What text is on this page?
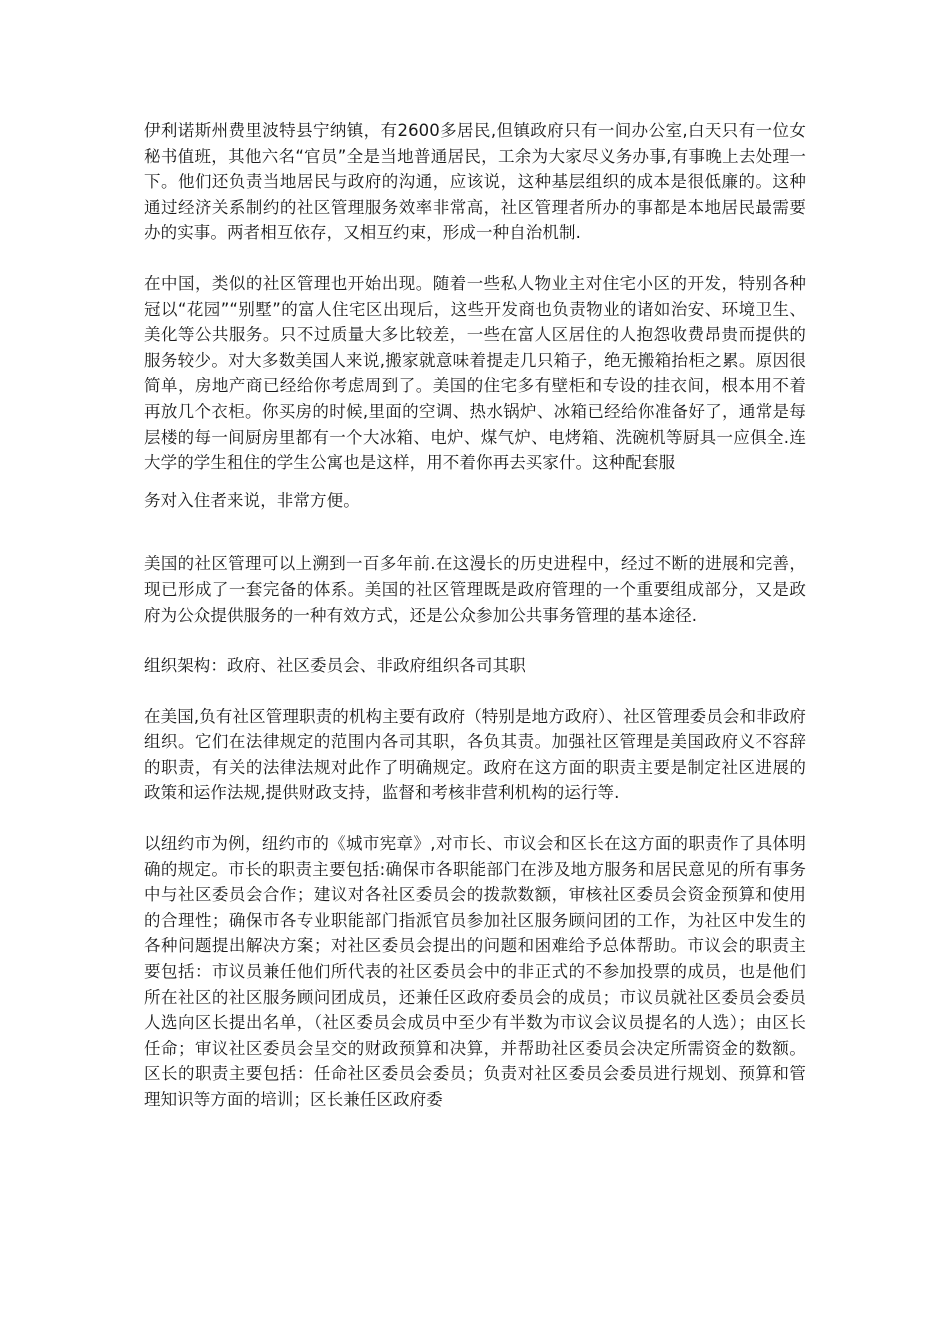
伊利诺斯州费里波特县宁纳镇，有2600多居民,但镇政府只有一间办公室,白天只有一位女秘书值班，其他六名“官员”全是当地普通居民，工余为大家尽义务办事,有事晚上去处理一下。他们还负责当地居民与政府的沟通，应该说，这种基层组织的成本是很低廉的。这种通过经济关系制约的社区管理服务效率非常高，社区管理者所办的事都是本地居民最需要办的实事。两者相互依存，又相互约束，形成一种自治机制.

在中国，类似的社区管理也开始出现。随着一些私人物业主对住宅小区的开发，特别各种冠以“花园”“别墅”的富人住宅区出现后，这些开发商也负责物业的诸如治安、环境卫生、美化等公共服务。只不过质量大多比较差，一些在富人区居住的人抱怨收费昂贵而提供的服务较少。对大多数美国人来说,搬家就意味着提走几只箱子，绝无搬箱抬柜之累。原因很简单，房地产商已经给你考虑周到了。美国的住宅多有壁柜和专设的挂衣间，根本用不着再放几个衣柜。你买房的时候,里面的空调、热水锅炉、冰箱已经给你准备好了，通常是每层楼的每一间厨房里都有一个大冰箱、电炉、煤气炉、电烤箱、洗碗机等厨具一应俱全.连大学的学生租住的学生公寓也是这样，用不着你再去买家什。这种配套服

务对入住者来说，非常方便。

美国的社区管理可以上溯到一百多年前.在这漫长的历史进程中，经过不断的进展和完善，现已形成了一套完备的体系。美国的社区管理既是政府管理的一个重要组成部分，又是政府为公众提供服务的一种有效方式，还是公众参加公共事务管理的基本途径.

组织架构：政府、社区委员会、非政府组织各司其职

在美国,负有社区管理职责的机构主要有政府（特别是地方政府）、社区管理委员会和非政府组织。它们在法律规定的范围内各司其职，各负其责。加强社区管理是美国政府义不容辞的职责，有关的法律法规对此作了明确规定。政府在这方面的职责主要是制定社区进展的政策和运作法规,提供财政支持，监督和考核非营利机构的运行等.

以纽约市为例，纽约市的《城市宪章》,对市长、市议会和区长在这方面的职责作了具体明确的规定。市长的职责主要包括:确保市各职能部门在涉及地方服务和居民意见的所有事务中与社区委员会合作；建议对各社区委员会的拨款数额，审核社区委员会资金预算和使用的合理性；确保市各专业职能部门指派官员参加社区服务顾问团的工作，为社区中发生的各种问题提出解决方案；对社区委员会提出的问题和困难给予总体帮助。市议会的职责主要包括：市议员兼任他们所代表的社区委员会中的非正式的不参加投票的成员，也是他们所在社区的社区服务顾问团成员，还兼任区政府委员会的成员；市议员就社区委员会委员人选向区长提出名单，（社区委员会成员中至少有半数为市议会议员提名的人选）；由区长任命；审议社区委员会呈交的财政预算和决算，并帮助社区委员会决定所需资金的数额。区长的职责主要包括：任命社区委员会委员；负责对社区委员会委员进行规划、预算和管理知识等方面的培训；区长兼任区政府委
